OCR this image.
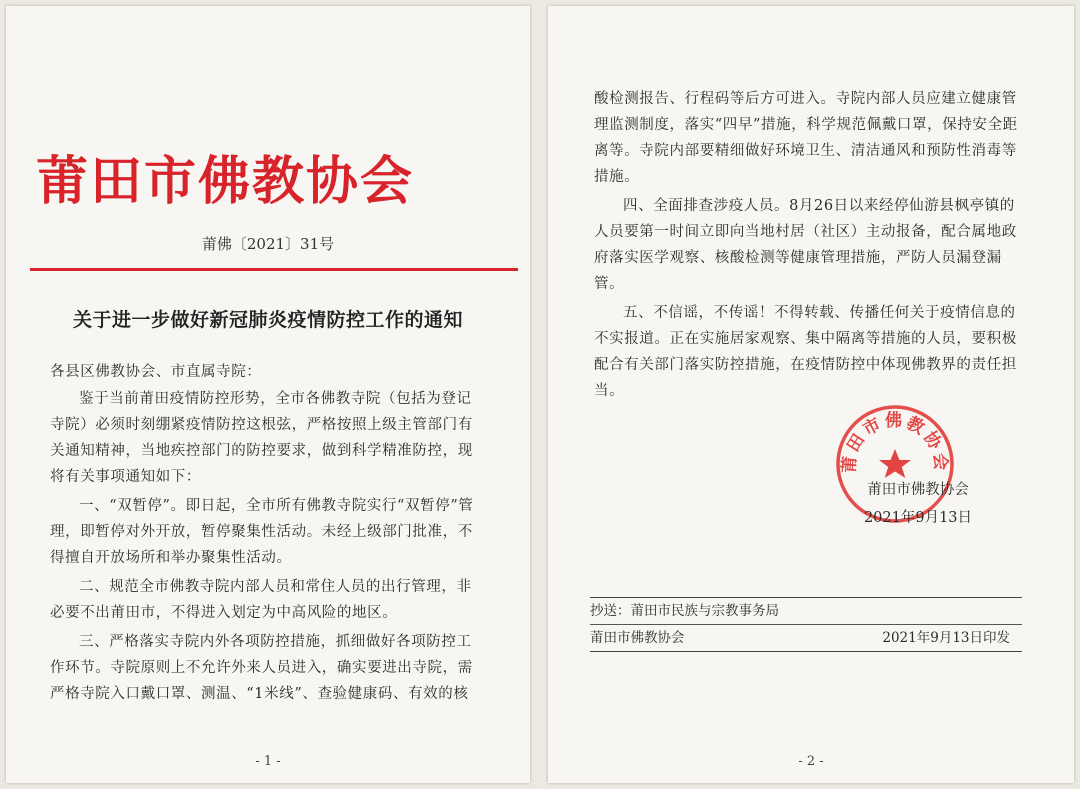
莆田市佛教协会
莆佛〔2021〕31号
关于进一步做好新冠肺炎疫情防控工作的通知

各县区佛教协会、市直属寺院：

鉴于当前莆田疫情防控形势，全市各佛教寺院（包括为登记寺院）必须时刻绷紧疫情防控这根弦，严格按照上级主管部门有关通知精神，当地疾控部门的防控要求，做到科学精准防控，现将有关事项通知如下：

一、“双暂停”。即日起，全市所有佛教寺院实行“双暂停”管理，即暂停对外开放，暂停聚集性活动。未经上级部门批准，不得擅自开放场所和举办聚集性活动。

二、规范全市佛教寺院内部人员和常住人员的出行管理，非必要不出莆田市，不得进入划定为中高风险的地区。

三、严格落实寺院内外各项防控措施，抓细做好各项防控工作环节。寺院原则上不允许外来人员进入，确实要进出寺院，需严格寺院入口戴口罩、测温、“1米线”、查验健康码、有效的核

- 1 -

酸检测报告、行程码等后方可进入。寺院内部人员应建立健康管理监测制度，落实“四早”措施，科学规范佩戴口罩，保持安全距离等。寺院内部要精细做好环境卫生、清洁通风和预防性消毒等措施。

四、全面排查涉疫人员。8月26日以来经停仙游县枫亭镇的人员要第一时间立即向当地村居（社区）主动报备，配合属地政府落实医学观察、核酸检测等健康管理措施，严防人员漏登漏管。

五、不信谣，不传谣！不得转载、传播任何关于疫情信息的不实报道。正在实施居家观察、集中隔离等措施的人员，要积极配合有关部门落实防控措施，在疫情防控中体现佛教界的责任担当。

莆田市佛教协会
莆田市佛教协会
2021年9月13日
抄送：莆田市民族与宗教事务局
莆田市佛教协会	2021年9月13日印发
- 2 -
